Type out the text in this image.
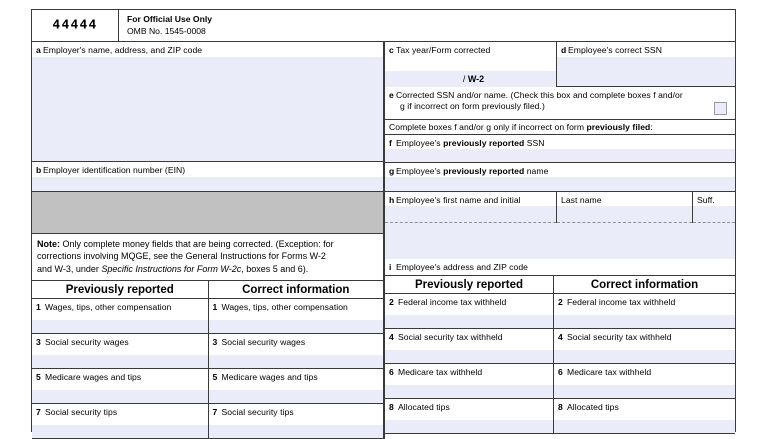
44444	For Official Use Only
OMB No. 1545-0008
a Employer's name, address, and ZIP code
b Employer identification number (EIN)
Note: Only complete money fields that are being corrected. (Exception: for
corrections involving MQGE, see the General Instructions for Forms W-2
and W-3, under Specific Instructions for Form W-2c, boxes 5 and 6).
Previously reported	Correct information
1 Wages, tips, other compensation	1 Wages, tips, other compensation
3 Social security wages	3 Social security wages
5 Medicare wages and tips	5 Medicare wages and tips
7 Social security tips	7 Social security tips
c Tax year/Form corrected
/ W-2
d Employee's correct SSN
e Corrected SSN and/or name. (Check this box and complete boxes f and/or
g if incorrect on form previously filed.)
Complete boxes f and/or g only if incorrect on form previously filed:
f Employee's previously reported SSN
g Employee's previously reported name
h Employee's first name and initial	Last name	Suff.
i Employee's address and ZIP code
Previously reported	Correct information
2 Federal income tax withheld	2 Federal income tax withheld
4 Social security tax withheld	4 Social security tax withheld
6 Medicare tax withheld	6 Medicare tax withheld
8 Allocated tips	8 Allocated tips
